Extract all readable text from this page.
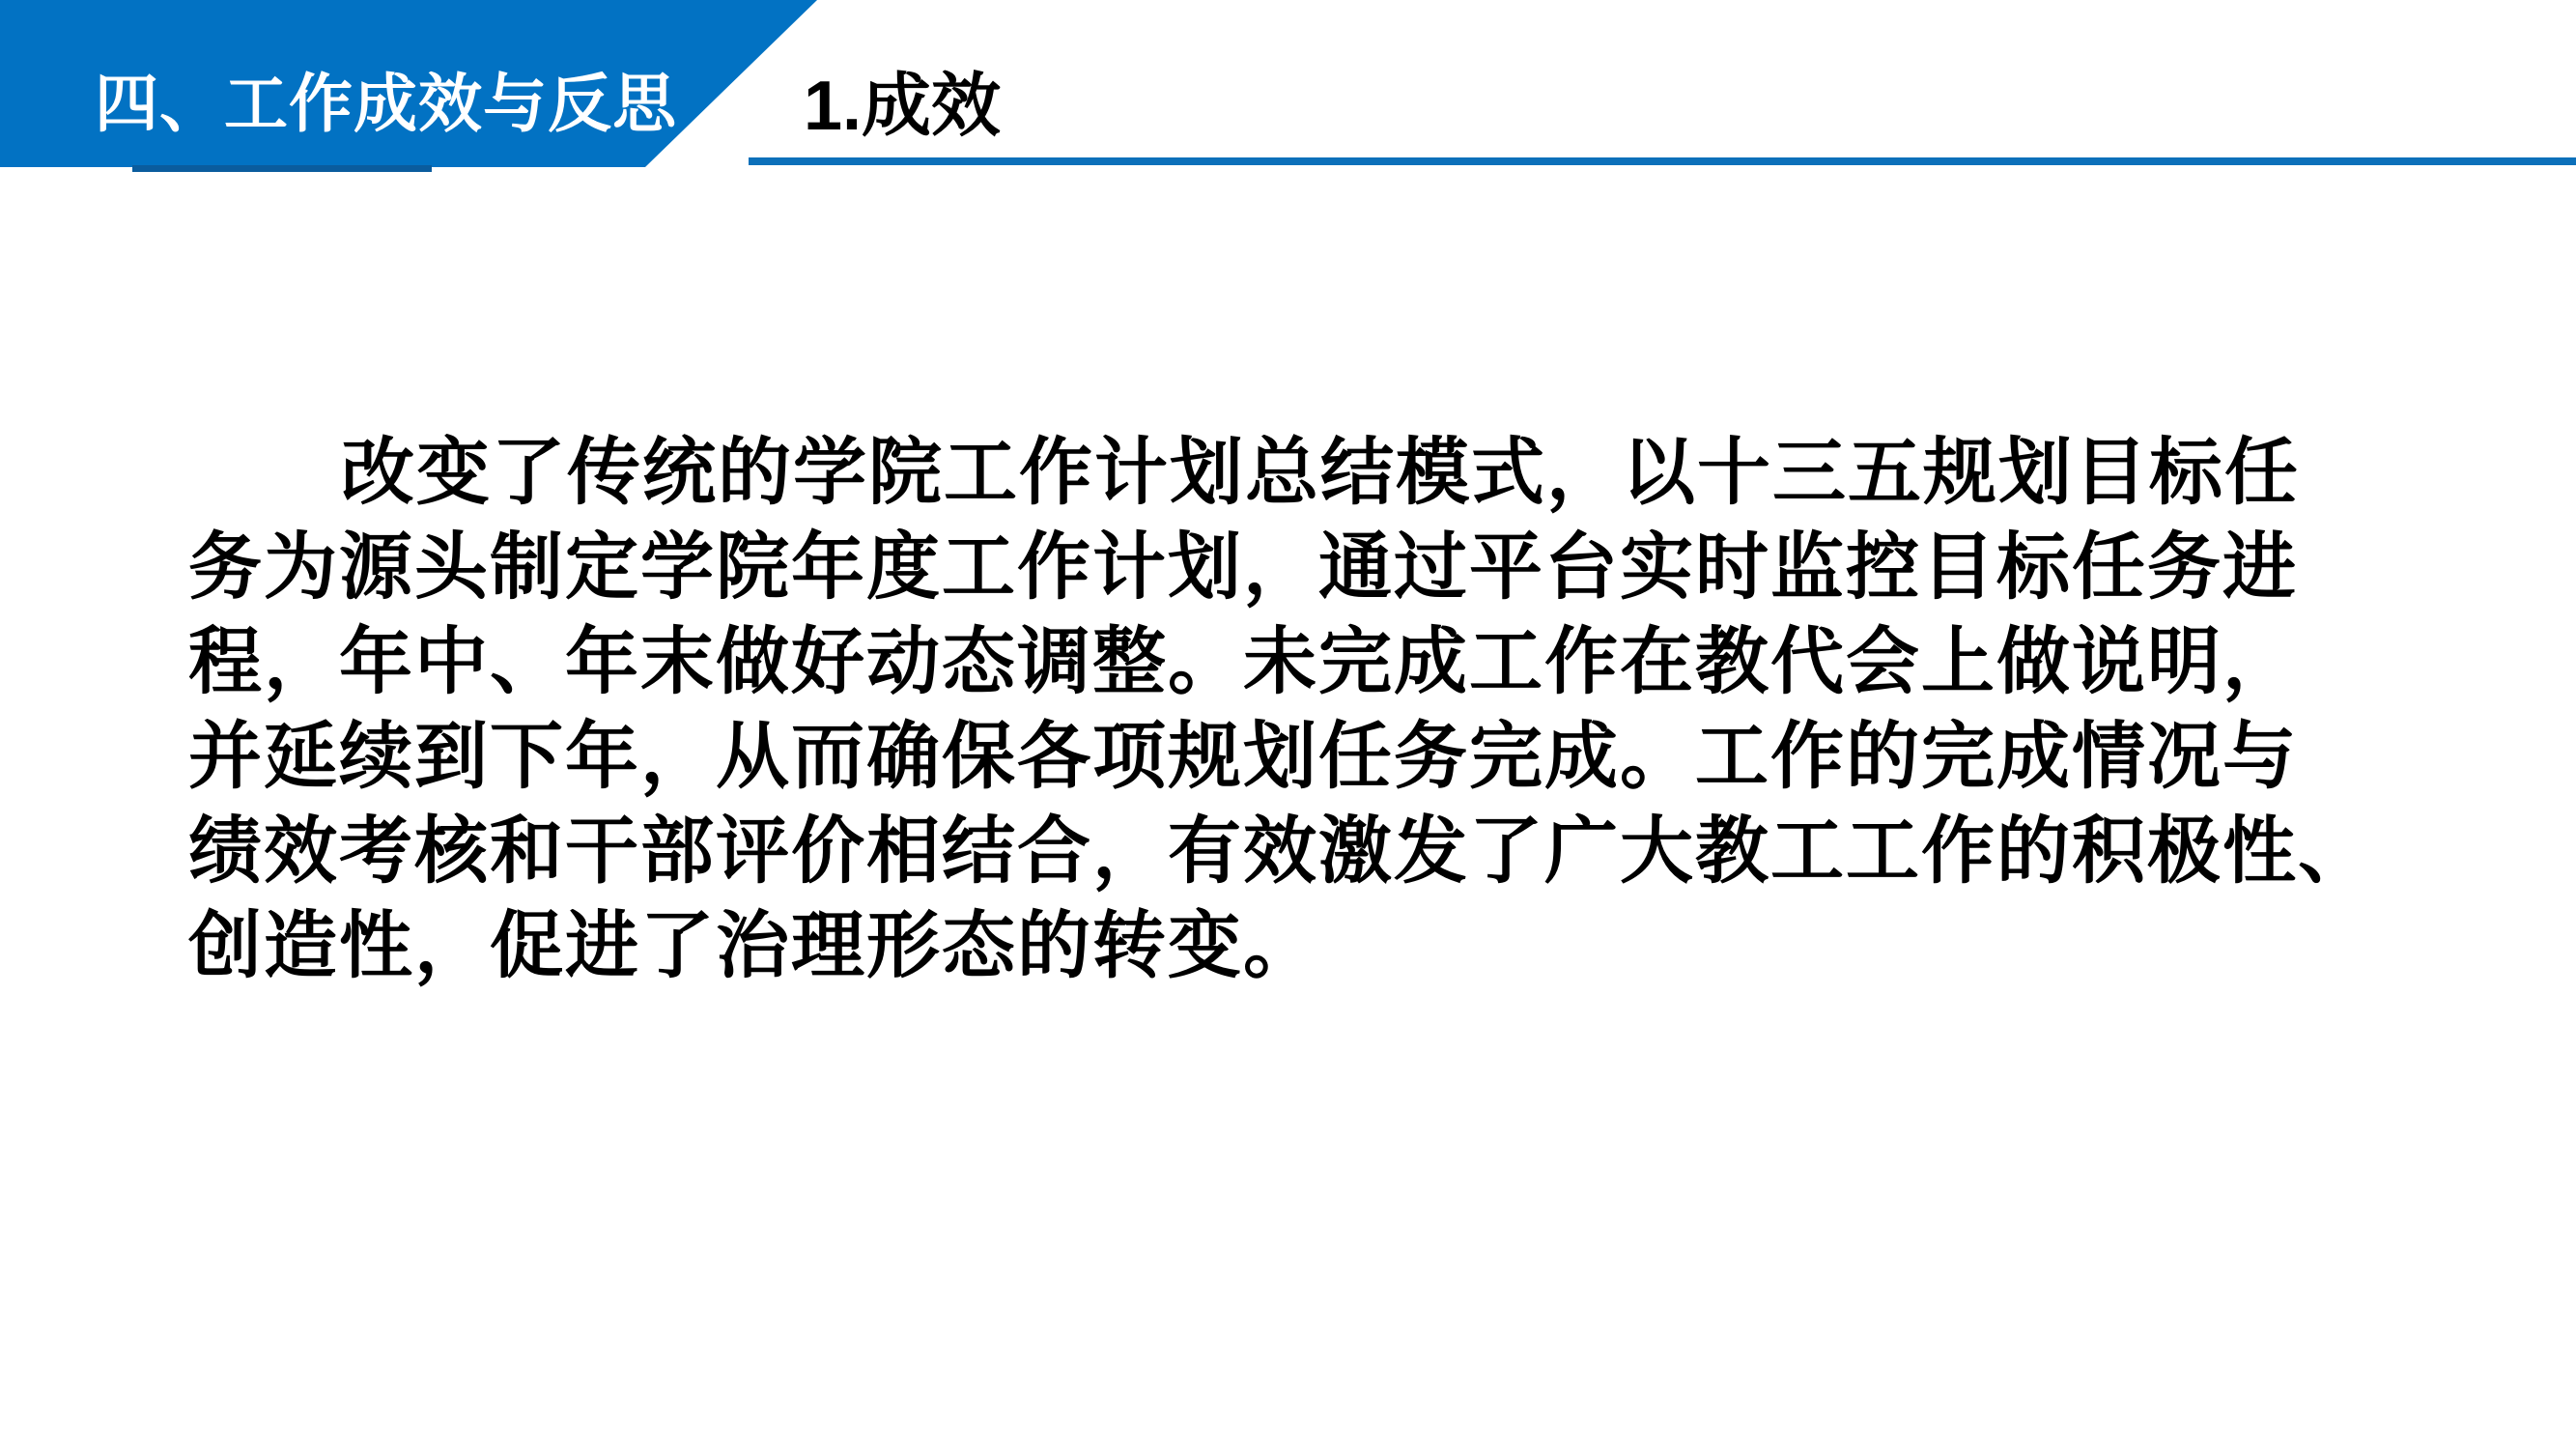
四、工作成效与反思 1.成效
改变了传统的学院工作计划总结模式，以十三五规划目标任
务为源头制定学院年度工作计划，通过平台实时监控目标任务进
程，年中、年末做好动态调整。未完成工作在教代会上做说明，
并延续到下年，从而确保各项规划任务完成。工作的完成情况与
绩效考核和干部评价相结合，有效激发了广大教工工作的积极性、
创造性，促进了治理形态的转变。
